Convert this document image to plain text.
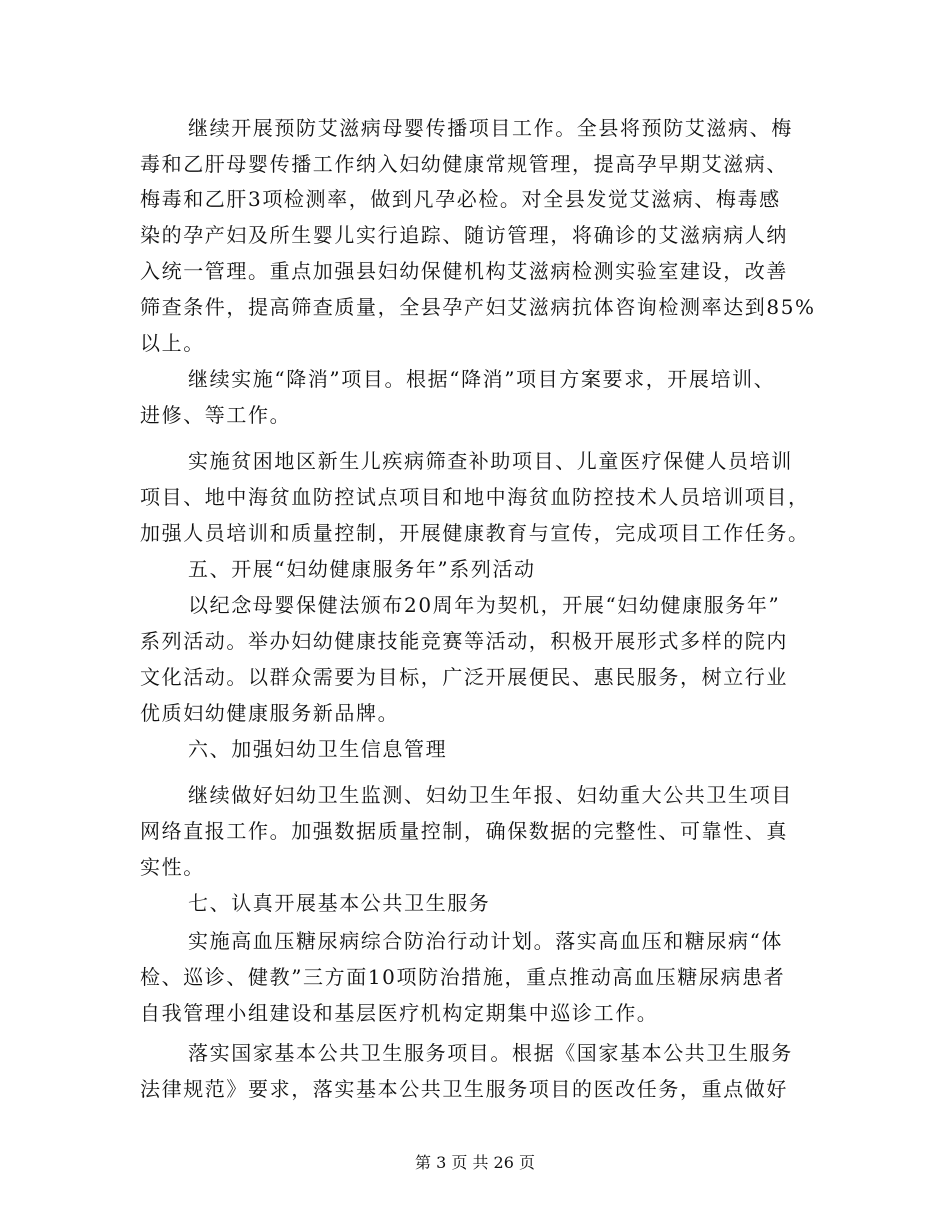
继续开展预防艾滋病母婴传播项目工作。全县将预防艾滋病、梅
毒和乙肝母婴传播工作纳入妇幼健康常规管理，提高孕早期艾滋病、
梅毒和乙肝3项检测率，做到凡孕必检。对全县发觉艾滋病、梅毒感
染的孕产妇及所生婴儿实行追踪、随访管理，将确诊的艾滋病病人纳
入统一管理。重点加强县妇幼保健机构艾滋病检测实验室建设，改善
筛查条件，提高筛查质量，全县孕产妇艾滋病抗体咨询检测率达到85%
以上。
继续实施“降消”项目。根据“降消”项目方案要求，开展培训、
进修、等工作。
实施贫困地区新生儿疾病筛查补助项目、儿童医疗保健人员培训
项目、地中海贫血防控试点项目和地中海贫血防控技术人员培训项目，
加强人员培训和质量控制，开展健康教育与宣传，完成项目工作任务。
五、开展“妇幼健康服务年”系列活动
以纪念母婴保健法颁布20周年为契机，开展“妇幼健康服务年”
系列活动。举办妇幼健康技能竞赛等活动，积极开展形式多样的院内
文化活动。以群众需要为目标，广泛开展便民、惠民服务，树立行业
优质妇幼健康服务新品牌。
六、加强妇幼卫生信息管理
继续做好妇幼卫生监测、妇幼卫生年报、妇幼重大公共卫生项目
网络直报工作。加强数据质量控制，确保数据的完整性、可靠性、真
实性。
七、认真开展基本公共卫生服务
实施高血压糖尿病综合防治行动计划。落实高血压和糖尿病“体
检、巡诊、健教”三方面10项防治措施，重点推动高血压糖尿病患者
自我管理小组建设和基层医疗机构定期集中巡诊工作。
落实国家基本公共卫生服务项目。根据《国家基本公共卫生服务
法律规范》要求，落实基本公共卫生服务项目的医改任务，重点做好
第 3 页 共 26 页
